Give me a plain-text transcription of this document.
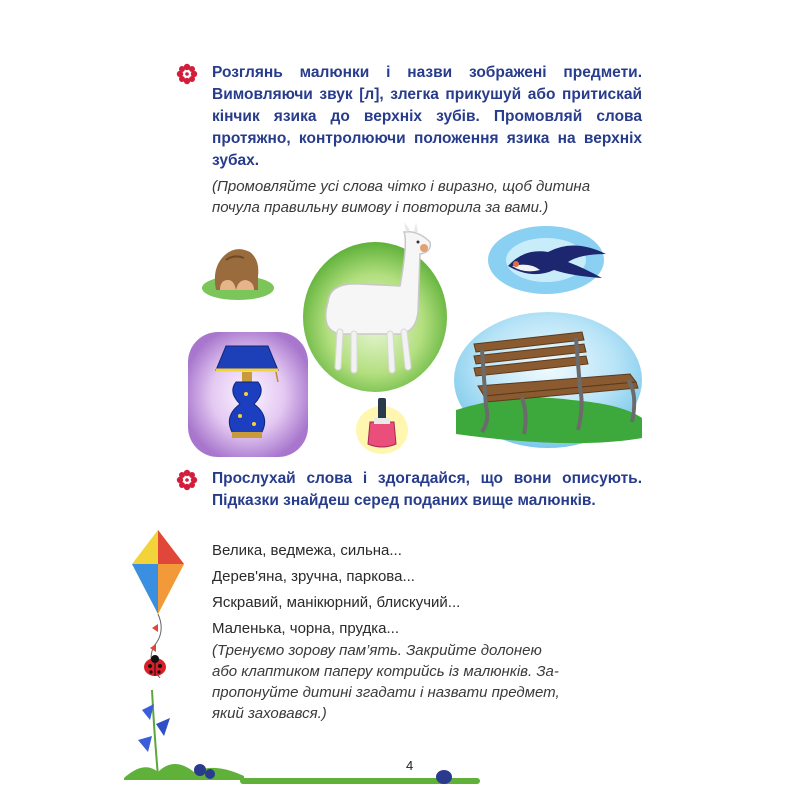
Розглянь малюнки і назви зображені предмети. Вимовляючи звук [л], злегка прикушуй або притискай кінчик язика до верхніх зубів. Промовляй слова протяжно, контролюючи положення язика на верхніх зубах.
(Промовляйте усі слова чітко і виразно, щоб дитина
почула правильну вимову і повторила за вами.)
Прослухай слова і здогадайся, що вони описують. Підказки знайдеш серед поданих вище малюнків.
Велика, ведмежа, сильна...
Дерев'яна, зручна, паркова...
Яскравий, манікюрний, блискучий...
Маленька, чорна, прудка...
(Тренуємо зорову пам’ять. Закрийте долонею
або клаптиком паперу котрийсь із малюнків. За-
пропонуйте дитині згадати і назвати предмет,
який заховався.)
4
